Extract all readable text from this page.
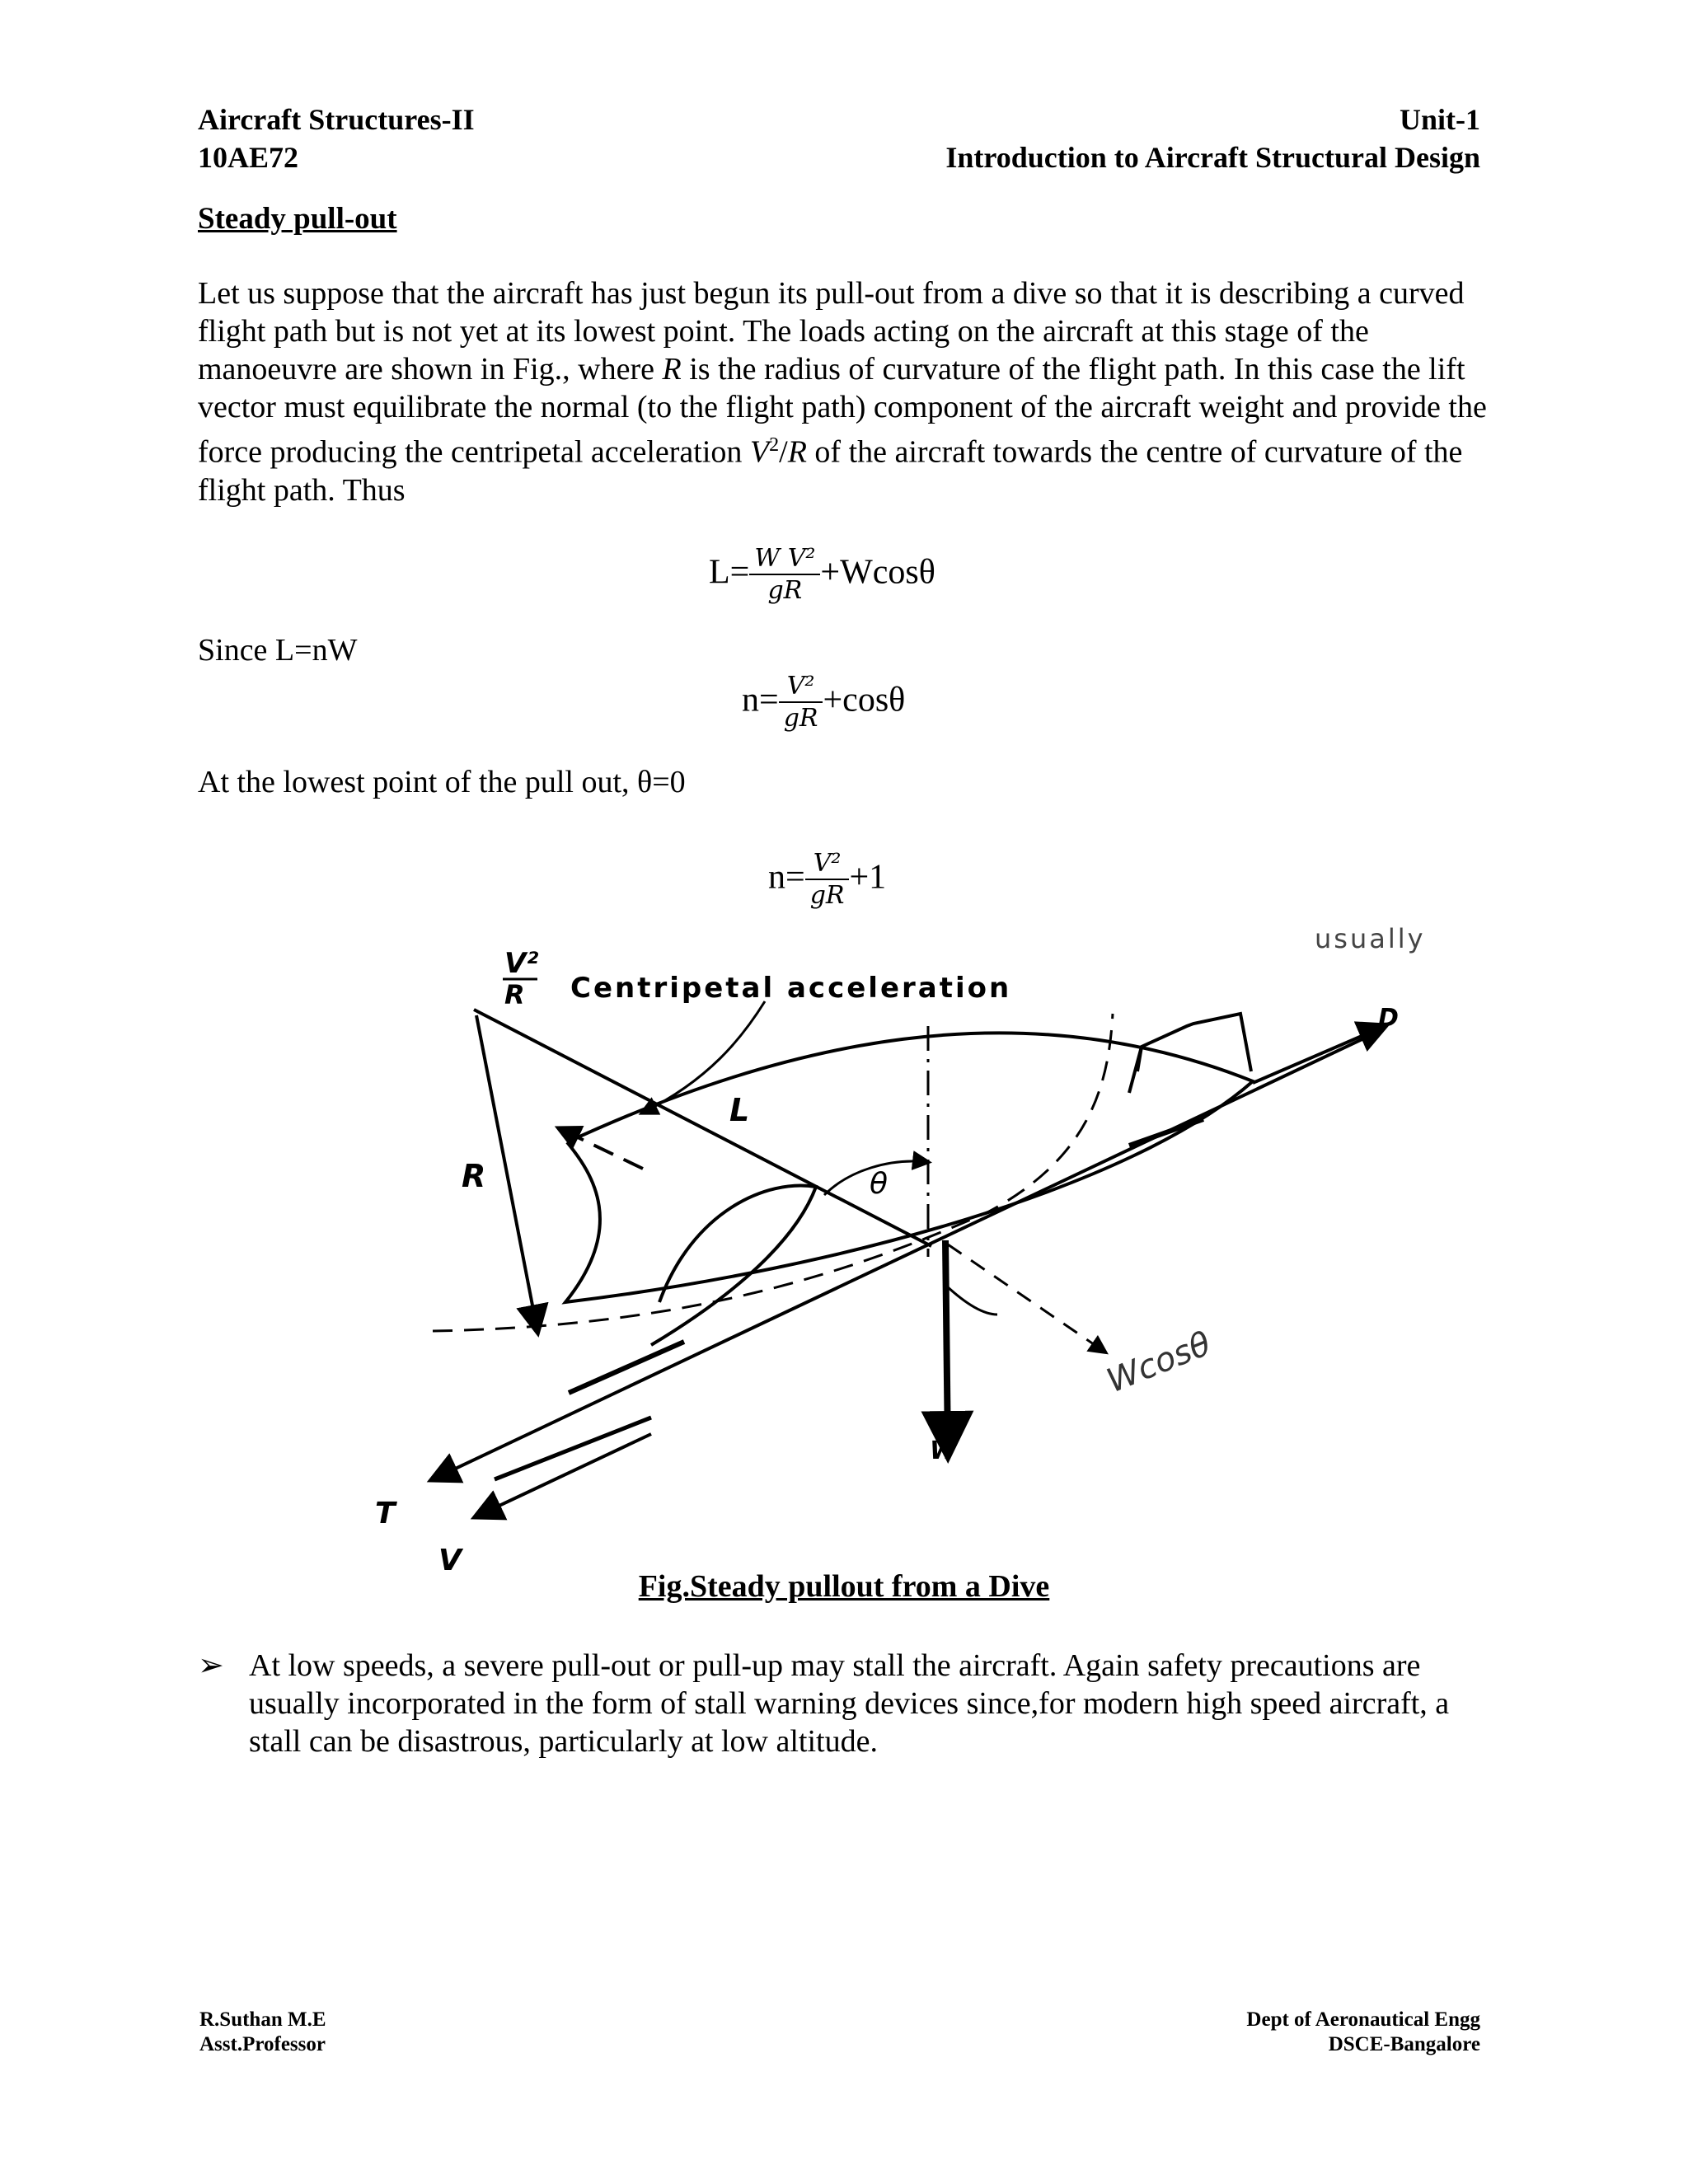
Aircraft Structures-II
10AE72
Unit-1
Introduction to Aircraft Structural Design
Steady pull-out
Let us suppose that the aircraft has just begun its pull-out from a dive so that it is describing a curved flight path but is not yet at its lowest point. The loads acting on the aircraft at this stage of the manoeuvre are shown in Fig., where R is the radius of curvature of the flight path. In this case the lift vector must equilibrate the normal (to the flight path) component of the aircraft weight and provide the force producing the centripetal acceleration $V^2/R$ of the aircraft towards the centre of curvature of the flight path. Thus
$L= \frac{\text{W V²}}{gR} +Wcos\theta$
Since L=nW
$n= \frac{\text{V²}}{gR} +\cos\theta$
At the lowest point of the pull out, θ=0
$n= \frac{\text{V²}}{gR} +1$
V²
R Centripetal acceleration
usually
L
R	θ
D
W
T
V
Wcosθ
Fig.Steady pullout from a Dive
➢ At low speeds, a severe pull-out or pull-up may stall the aircraft. Again safety precautions are usually incorporated in the form of stall warning devices since,for modern high speed aircraft, a stall can be disastrous, particularly at low altitude.
R.Suthan M.E
Asst.Professor
Dept of Aeronautical Engg
DSCE-Bangalore
